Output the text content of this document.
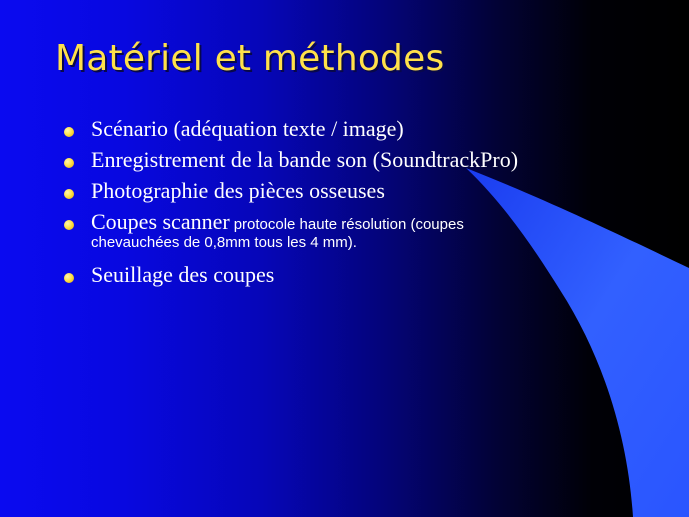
Matériel et méthodes
Scénario (adéquation texte / image)
Enregistrement de la bande son (SoundtrackPro)
Photographie des pièces osseuses
Coupes scanner protocole haute résolution (coupes
chevauchées de 0,8mm tous les 4 mm).
Seuillage des coupes
